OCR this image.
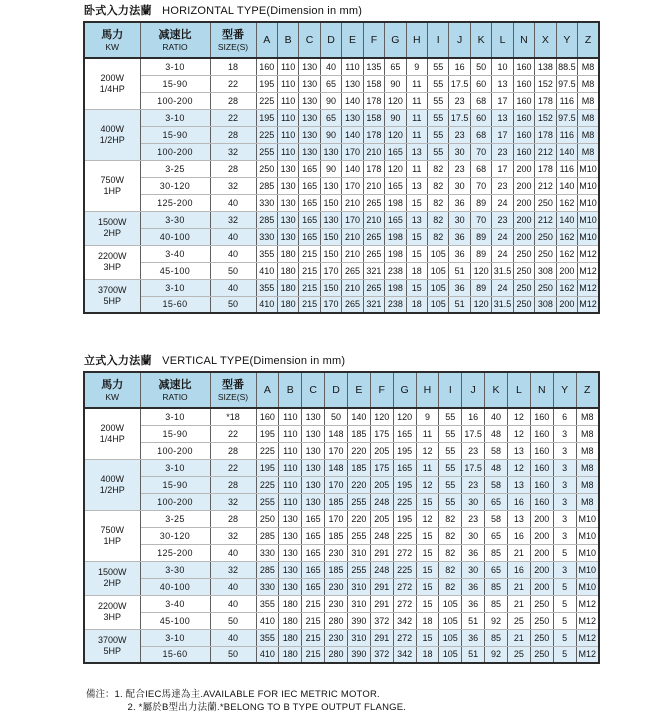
卧式入力法蘭 HORIZONTAL TYPE(Dimension in mm)
馬力
KW

减速比
RATIO

型番
SIZE(S)
	A	B	C	D	E	F	G	H	I	J	K	L	N	X	Y	Z

200W
1/4HP	3-10	18	160	110	130	40	110	135	65	9	55	16	50	10	160	138	88.5	M8
	15-90	22	195	110	130	65	130	158	90	11	55	17.5	60	13	160	152	97.5	M8
	100-200	28	225	110	130	90	140	178	120	11	55	23	68	17	160	178	116	M8

400W
1/2HP	3-10	22	195	110	130	65	130	158	90	11	55	17.5	60	13	160	152	97.5	M8
	15-90	28	225	110	130	90	140	178	120	11	55	23	68	17	160	178	116	M8
	100-200	32	255	110	130	130	170	210	165	13	55	30	70	23	160	212	140	M8

750W
1HP	3-25	28	250	130	165	90	140	178	120	11	82	23	68	17	200	178	116	M10
	30-120	32	285	130	165	130	170	210	165	13	82	30	70	23	200	212	140	M10
	125-200	40	330	130	165	150	210	265	198	15	82	36	89	24	200	250	162	M10

1500W
2HP	3-30	32	285	130	165	130	170	210	165	13	82	30	70	23	200	212	140	M10
	40-100	40	330	130	165	150	210	265	198	15	82	36	89	24	200	250	162	M10

2200W
3HP	3-40	40	355	180	215	150	210	265	198	15	105	36	89	24	250	250	162	M12
	45-100	50	410	180	215	170	265	321	238	18	105	51	120	31.5	250	308	200	M12

3700W
5HP	3-10	40	355	180	215	150	210	265	198	15	105	36	89	24	250	250	162	M12
	15-60	50	410	180	215	170	265	321	238	18	105	51	120	31.5	250	308	200	M12
立式入力法蘭 VERTICAL TYPE(Dimension in mm)
馬力
KW

减速比
RATIO

型番
SIZE(S)
	A	B	C	D	E	F	G	H	I	J	K	L	N	Y	Z

200W
1/4HP	3-10	*18	160	110	130	50	140	120	120	9	55	16	40	12	160	6	M8
	15-90	22	195	110	130	148	185	175	165	11	55	17.5	48	12	160	3	M8
	100-200	28	225	110	130	170	220	205	195	12	55	23	58	13	160	3	M8

400W
1/2HP	3-10	22	195	110	130	148	185	175	165	11	55	17.5	48	12	160	3	M8
	15-90	28	225	110	130	170	220	205	195	12	55	23	58	13	160	3	M8
	100-200	32	255	110	130	185	255	248	225	15	55	30	65	16	160	3	M8

750W
1HP	3-25	28	250	130	165	170	220	205	195	12	82	23	58	13	200	3	M10
	30-120	32	285	130	165	185	255	248	225	15	82	30	65	16	200	3	M10
	125-200	40	330	130	165	230	310	291	272	15	82	36	85	21	200	5	M10

1500W
2HP	3-30	32	285	130	165	185	255	248	225	15	82	30	65	16	200	3	M10
	40-100	40	330	130	165	230	310	291	272	15	82	36	85	21	200	5	M10

2200W
3HP	3-40	40	355	180	215	230	310	291	272	15	105	36	85	21	250	5	M12
	45-100	50	410	180	215	280	390	372	342	18	105	51	92	25	250	5	M12

3700W
5HP	3-10	40	355	180	215	230	310	291	272	15	105	36	85	21	250	5	M12
	15-60	50	410	180	215	280	390	372	342	18	105	51	92	25	250	5	M12
備注： 1. 配合IEC馬達為主.AVAILABLE FOR IEC METRIC MOTOR.
2. *屬於B型出力法蘭.*BELONG TO B TYPE OUTPUT FLANGE.
